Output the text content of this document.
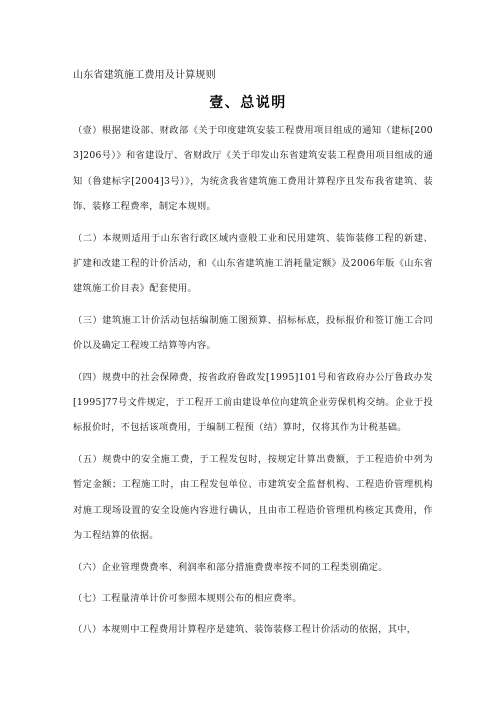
山东省建筑施工费用及计算规则
壹、总说明

（壹）根据建设部、财政部《关于印度建筑安装工程费用项目组成的通知（建标[2003]206号）》和省建设厅、省财政厅《关于印发山东省建筑安装工程费用项目组成的通知（鲁建标字[2004]3号）》，为统贪我省建筑施工费用计算程序且发布我省建筑、装饰、装修工程费率，制定本规则。

（二）本规则适用于山东省行政区域内壹般工业和民用建筑、装饰装修工程的新建、扩建和改建工程的计价活动，和《山东省建筑施工消耗量定额》及2006年版《山东省建筑施工价目表》配套使用。

（三）建筑施工计价活动包括编制施工图预算、招标标底，投标报价和签订施工合同价以及确定工程竣工结算等内容。

（四）规费中的社会保障费，按省政府鲁政发[1995]101号和省政府办公厅鲁政办发[1995]77号文件规定，于工程开工前由建设单位向建筑企业劳保机构交纳。企业于投标报价时，不包括该项费用，于编制工程预（结）算时，仅将其作为计税基础。

（五）规费中的安全施工费，于工程发包时，按规定计算出费额，于工程造价中列为暂定金额；工程施工时，由工程发包单位、市建筑安全监督机构、工程造价管理机构对施工现场设置的安全设施内容进行确认，且由市工程造价管理机构核定其费用，作为工程结算的依据。

（六）企业管理费费率、利润率和部分措施费费率按不同的工程类别确定。

（七）工程量清单计价可参照本规则公布的相应费率。

（八）本规则中工程费用计算程序是建筑、装饰装修工程计价活动的依据，其中，
